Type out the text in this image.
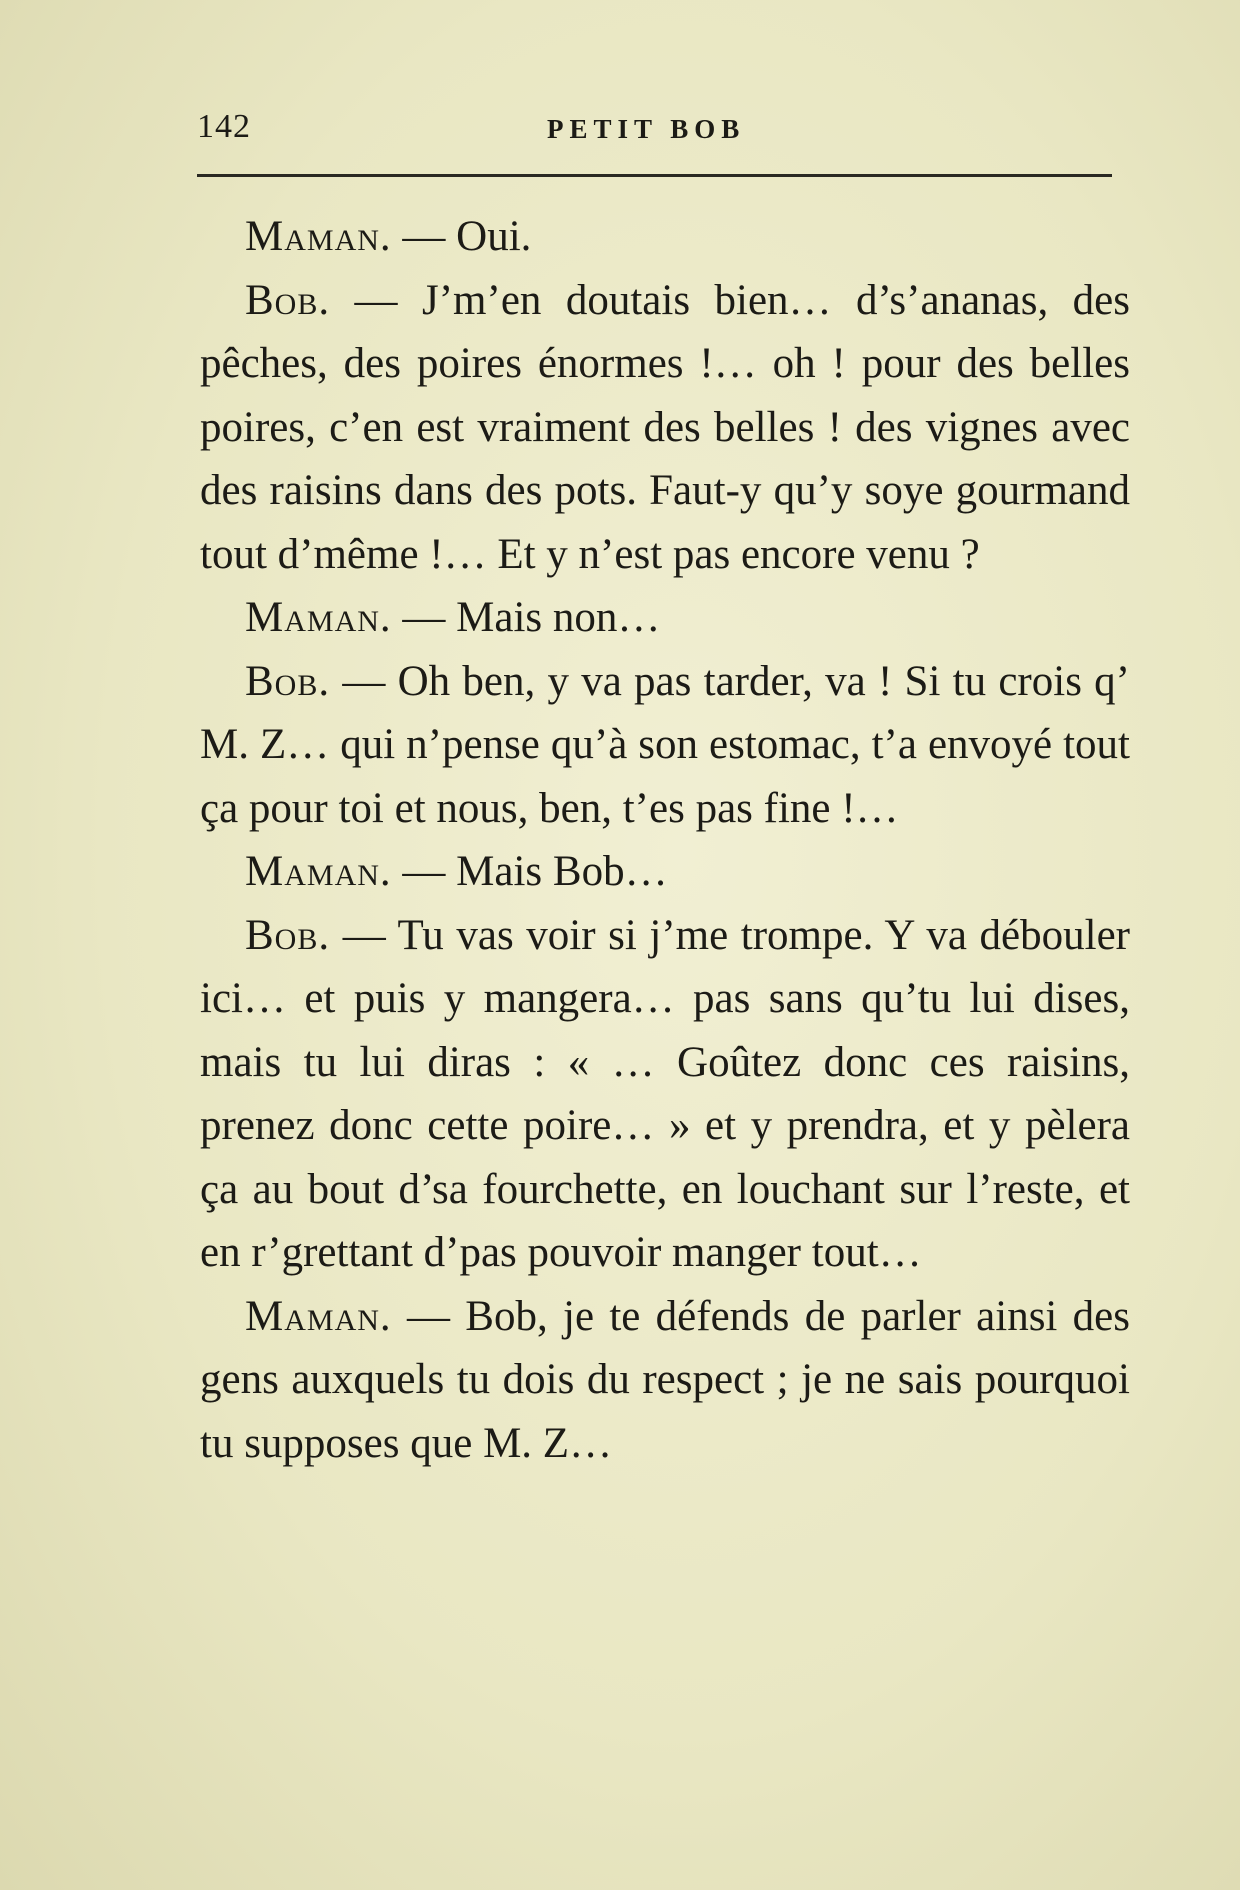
142	PETIT BOB

Maman. — Oui.

Bob. — J’m’en doutais bien… d’s’ananas, des pêches, des poires énormes !… oh ! pour des belles poires, c’en est vraiment des belles ! des vignes avec des raisins dans des pots. Faut-y qu’y soye gourmand tout d’même !… Et y n’est pas encore venu ?

Maman. — Mais non…

Bob. — Oh ben, y va pas tarder, va ! Si tu crois q’ M. Z… qui n’pense qu’à son estomac, t’a envoyé tout ça pour toi et nous, ben, t’es pas fine !…

Maman. — Mais Bob…

Bob. — Tu vas voir si j’me trompe. Y va débouler ici… et puis y mangera… pas sans qu’tu lui dises, mais tu lui diras : « … Goûtez donc ces raisins, prenez donc cette poire… » et y prendra, et y pèlera ça au bout d’sa fourchette, en louchant sur l’reste, et en r’grettant d’pas pouvoir manger tout…

Maman. — Bob, je te défends de parler ainsi des gens auxquels tu dois du respect ; je ne sais pourquoi tu supposes que M. Z…
